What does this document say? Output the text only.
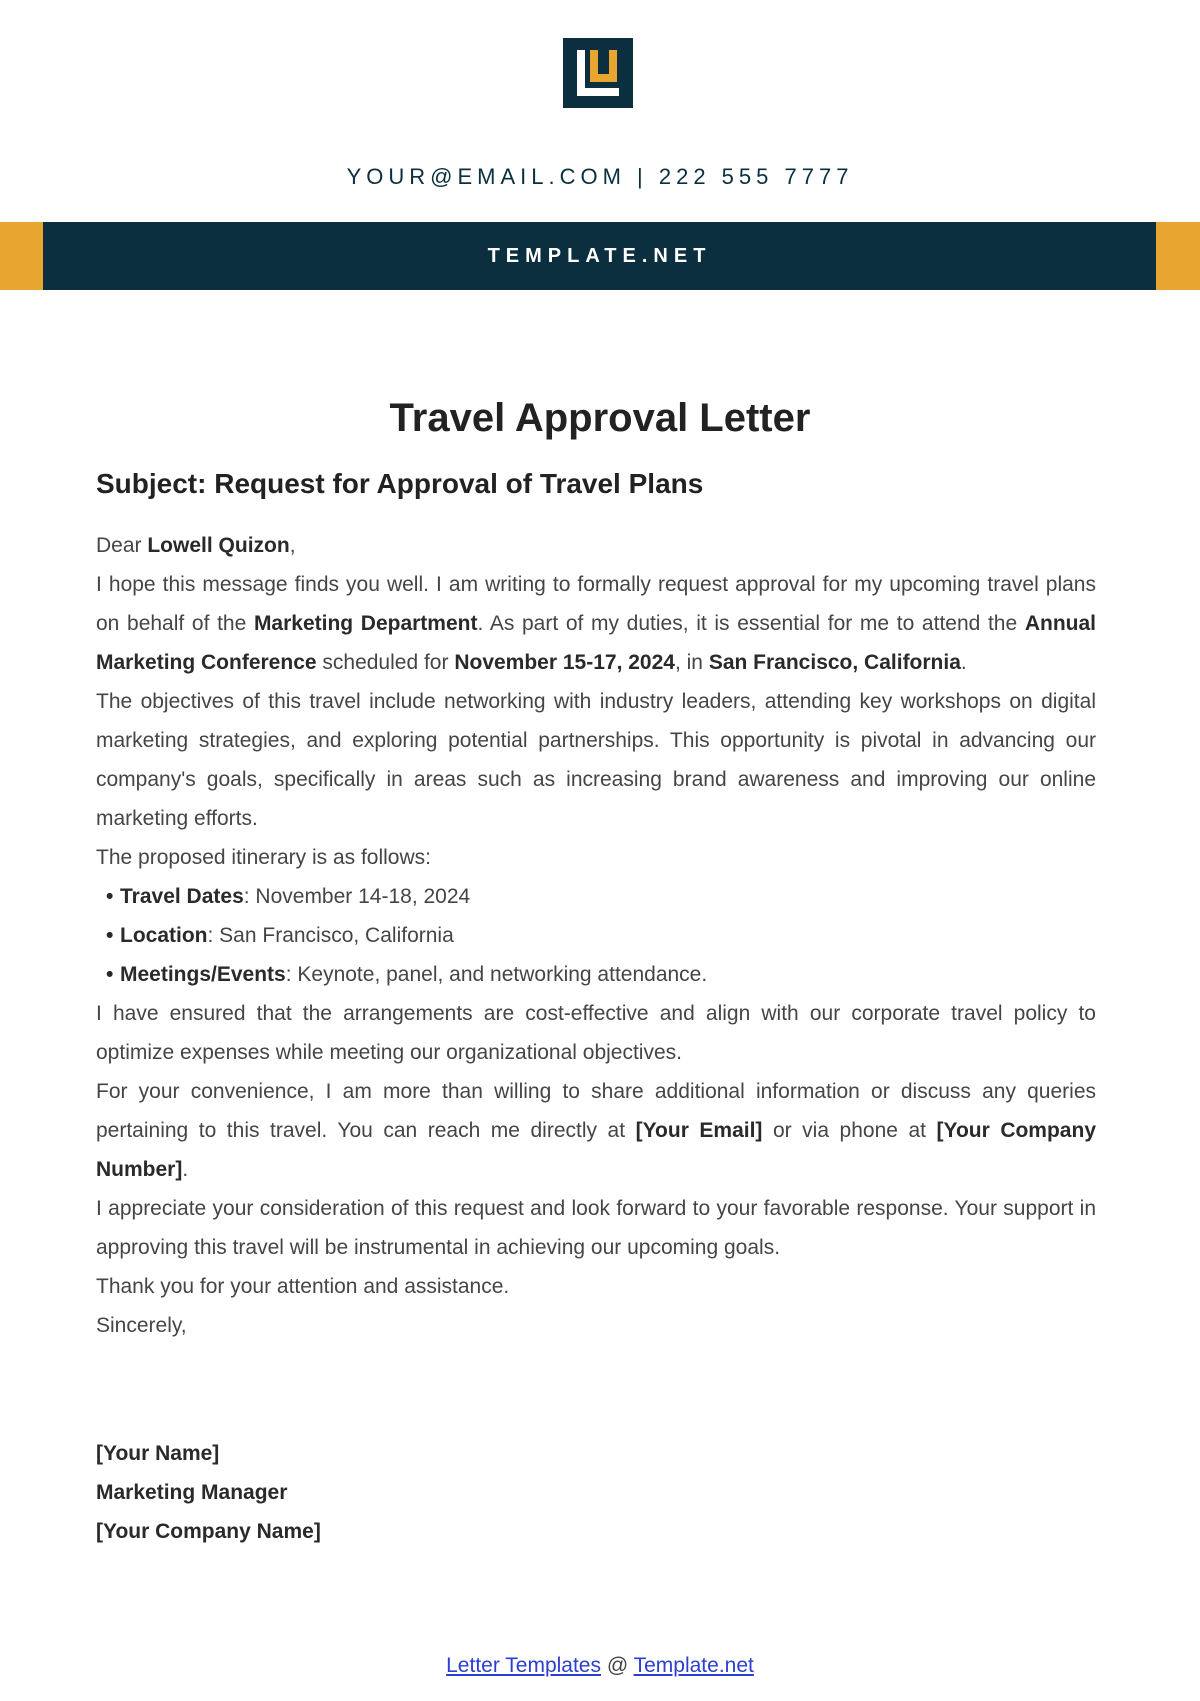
YOUR@EMAIL.COM | 222 555 7777
TEMPLATE.NET
Travel Approval Letter
Subject: Request for Approval of Travel Plans

Dear Lowell Quizon,

I hope this message finds you well. I am writing to formally request approval for my upcoming travel plans on behalf of the Marketing Department. As part of my duties, it is essential for me to attend the Annual Marketing Conference scheduled for November 15-17, 2024, in San Francisco, California.

The objectives of this travel include networking with industry leaders, attending key workshops on digital marketing strategies, and exploring potential partnerships. This opportunity is pivotal in advancing our company's goals, specifically in areas such as increasing brand awareness and improving our online marketing efforts.

The proposed itinerary is as follows:

• Travel Dates: November 14-18, 2024
• Location: San Francisco, California
• Meetings/Events: Keynote, panel, and networking attendance.

I have ensured that the arrangements are cost-effective and align with our corporate travel policy to optimize expenses while meeting our organizational objectives.

For your convenience, I am more than willing to share additional information or discuss any queries pertaining to this travel. You can reach me directly at [Your Email] or via phone at [Your Company Number].

I appreciate your consideration of this request and look forward to your favorable response. Your support in approving this travel will be instrumental in achieving our upcoming goals.

Thank you for your attention and assistance.

Sincerely,

[Your Name]
Marketing Manager
[Your Company Name]
Letter Templates @ Template.net
